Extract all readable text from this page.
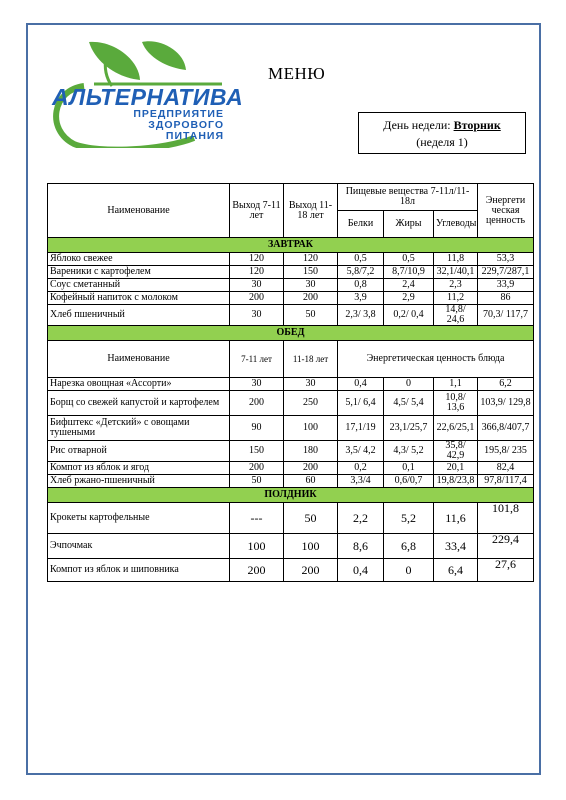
АЛЬТЕРНАТИВА
ПРЕДПРИЯТИЕ
ЗДОРОВОГО
ПИТАНИЯ
МЕНЮ
День недели: Вторник
(неделя 1)
Наименование	Выход 7-11 лет	Выход 11-18 лет	Пищевые вещества 7-11л/11-18л			Энергети ческая ценность
			Белки	Жиры	Углеводы	
ЗАВТРАК						
Яблоко свежее	120	120	0,5	0,5	11,8	53,3
Вареники с картофелем	120	150	5,8/7,2	8,7/10,9	32,1/40,1	229,7/287,1
Соус сметанный	30	30	0,8	2,4	2,3	33,9
Кофейный напиток с молоком	200	200	3,9	2,9	11,2	86
Хлеб пшеничный	30	50	2,3/ 3,8	0,2/ 0,4	14,8/ 24,6	70,3/ 117,7
ОБЕД						
Наименование	7-11 лет	11-18 лет	Энергетическая ценность блюда			
Нарезка овощная «Ассорти»	30	30	0,4	0	1,1	6,2
Борщ со свежей капустой и картофелем	200	250	5,1/ 6,4	4,5/ 5,4	10,8/ 13,6	103,9/ 129,8
Бифштекс «Детский» с овощами тушеными	90	100	17,1/19	23,1/25,7	22,6/25,1	366,8/407,7
Рис отварной	150	180	3,5/ 4,2	4,3/ 5,2	35,8/ 42,9	195,8/ 235
Компот из яблок и ягод	200	200	0,2	0,1	20,1	82,4
Хлеб ржано-пшеничный	50	60	3,3/4	0,6/0,7	19,8/23,8	97,8/117,4
ПОЛДНИК						
Крокеты картофельные	---	50	2,2	5,2	11,6	101,8
Эчпочмак	100	100	8,6	6,8	33,4	229,4
Компот из яблок и шиповника	200	200	0,4	0	6,4	27,6
